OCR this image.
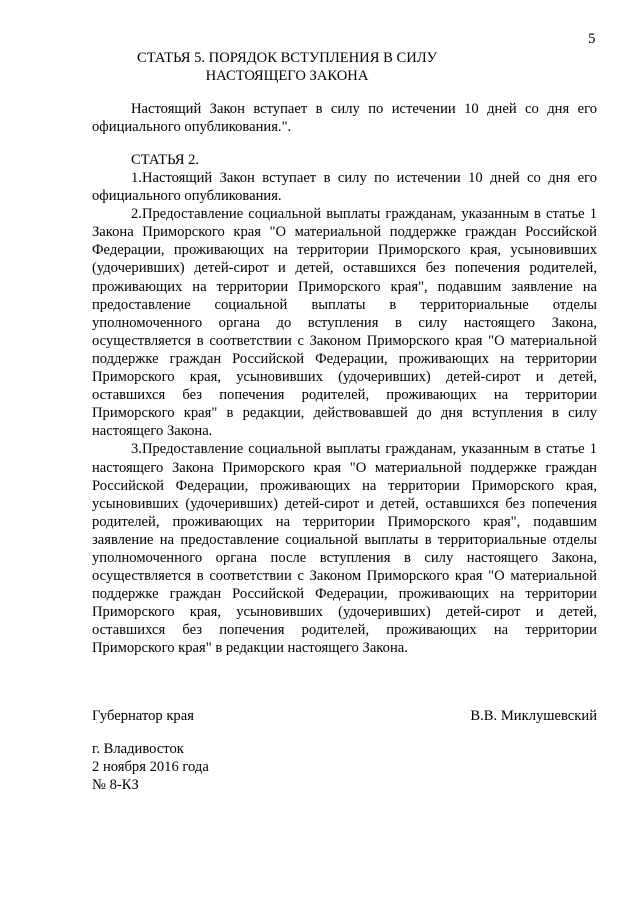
5
СТАТЬЯ 5. ПОРЯДОК ВСТУПЛЕНИЯ В СИЛУ
НАСТОЯЩЕГО ЗАКОНА

Настоящий Закон вступает в силу по истечении 10 дней со дня его официального опубликования.".

СТАТЬЯ 2.

1.Настоящий Закон вступает в силу по истечении 10 дней со дня его официального опубликования.

2.Предоставление социальной выплаты гражданам, указанным в статье 1 Закона Приморского края "О материальной поддержке граждан Российской Федерации, проживающих на территории Приморского края, усыновивших (удочеривших) детей-сирот и детей, оставшихся без попечения родителей, проживающих на территории Приморского края", подавшим заявление на предоставление социальной выплаты в территориальные отделы уполномоченного органа до вступления в силу настоящего Закона, осуществляется в соответствии с Законом Приморского края "О материальной поддержке граждан Российской Федерации, проживающих на территории Приморского края, усыновивших (удочеривших) детей-сирот и детей, оставшихся без попечения родителей, проживающих на территории Приморского края" в редакции, действовавшей до дня вступления в силу настоящего Закона.

3.Предоставление социальной выплаты гражданам, указанным в статье 1 настоящего Закона Приморского края "О материальной поддержке граждан Российской Федерации, проживающих на территории Приморского края, усыновивших (удочеривших) детей-сирот и детей, оставшихся без попечения родителей, проживающих на территории Приморского края", подавшим заявление на предоставление социальной выплаты в территориальные отделы уполномоченного органа после вступления в силу настоящего Закона, осуществляется в соответствии с Законом Приморского края "О материальной поддержке граждан Российской Федерации, проживающих на территории Приморского края, усыновивших (удочеривших) детей-сирот и детей, оставшихся без попечения родителей, проживающих на территории Приморского края" в редакции настоящего Закона.

Губернатор края	В.В. Миклушевский
г. Владивосток
2 ноября 2016 года
№ 8-КЗ
